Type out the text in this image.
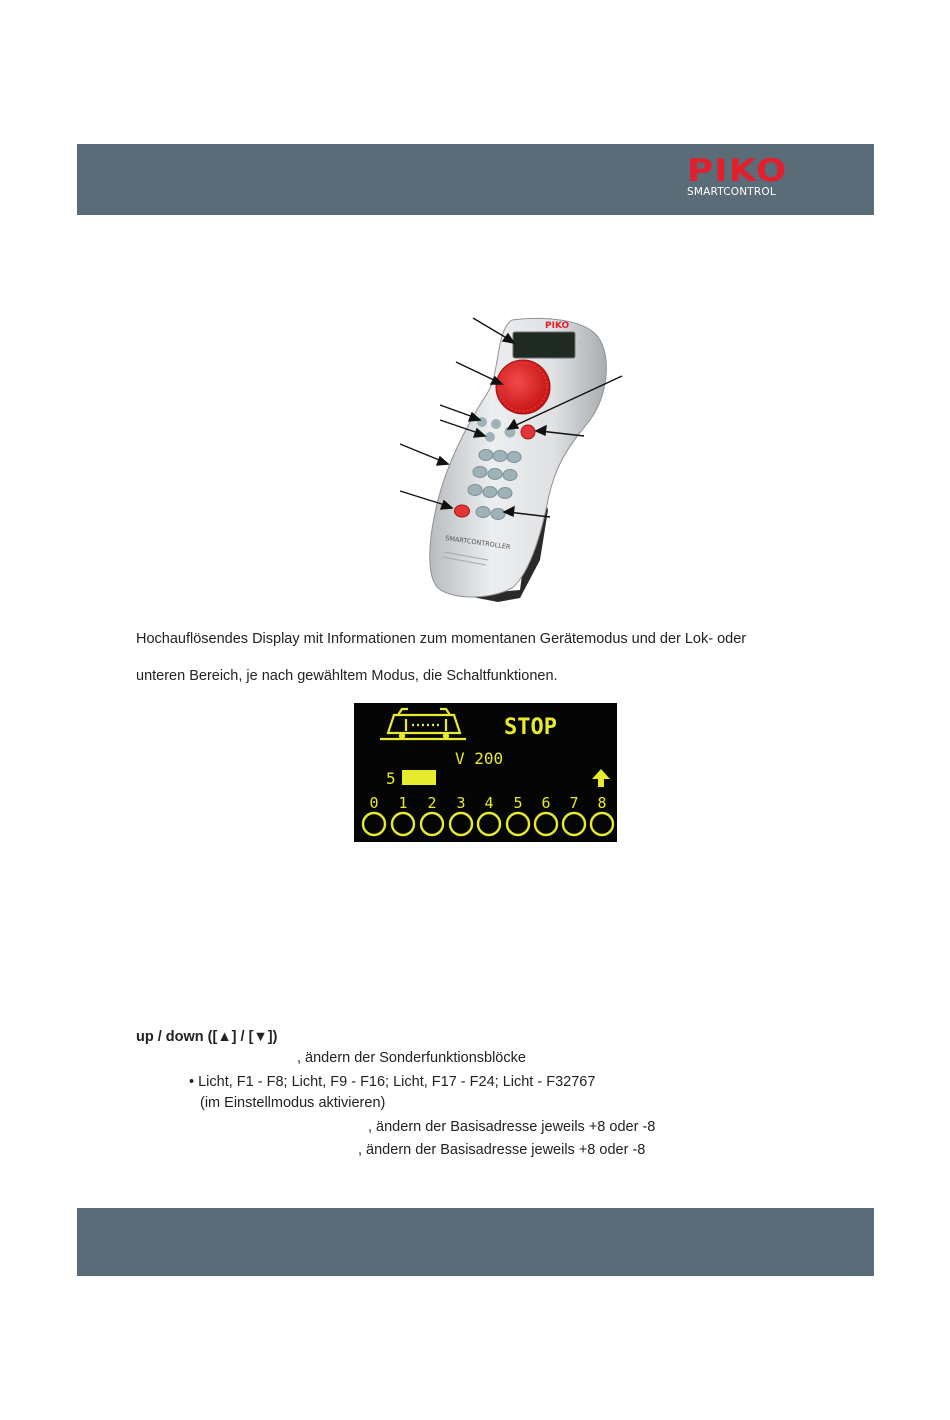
PIKO
SMARTCONTROL
PIKO
SMARTCONTROLLER
Hochauflösendes Display mit Informationen zum momentanen Gerätemodus und der Lok- oder
unteren Bereich, je nach gewähltem Modus, die Schaltfunktionen.
STOP
V 200
5
0 1 2 3 4 5 6 7 8
up / down ([▲] / [▼])
, ändern der Sonderfunktionsblöcke
• Licht, F1 - F8; Licht, F9 - F16; Licht, F17 - F24; Licht - F32767
(im Einstellmodus aktivieren)
, ändern der Basisadresse jeweils +8 oder -8
, ändern der Basisadresse jeweils +8 oder -8
